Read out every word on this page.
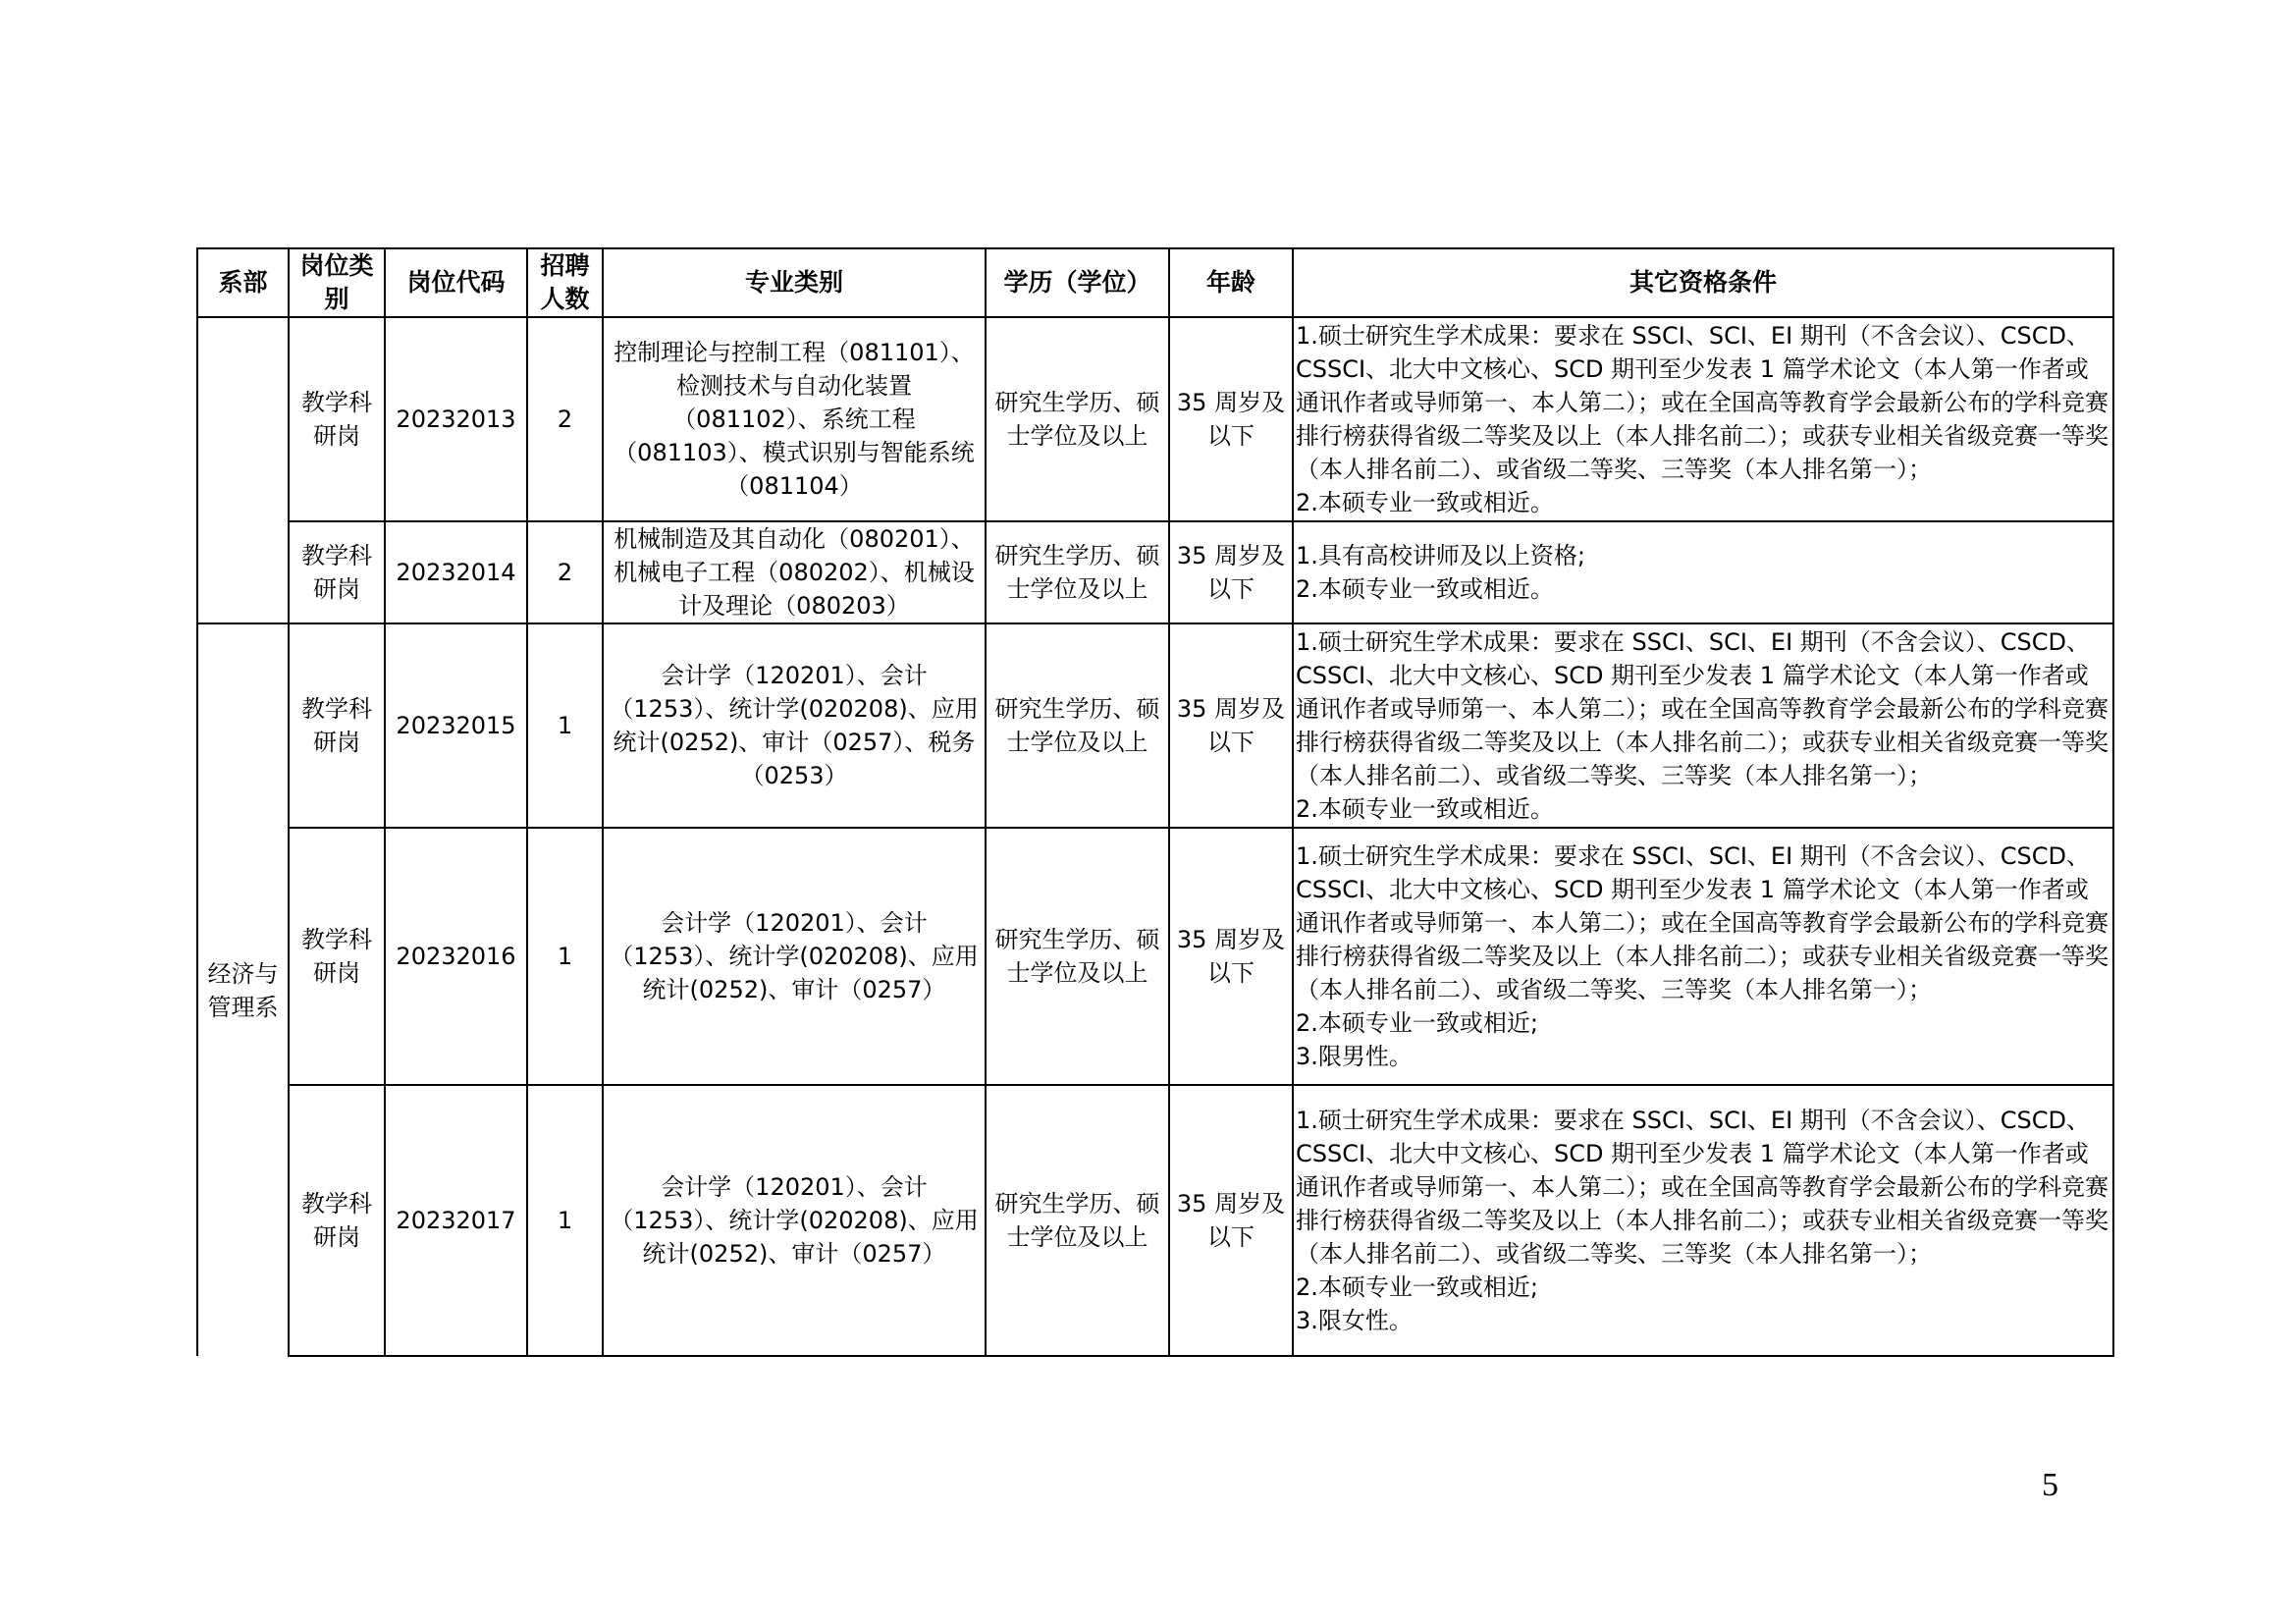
系部	岗位类别	岗位代码	招聘人数	专业类别	学历（学位）	年龄	其它资格条件
	教学科研岗	20232013	2	控制理论与控制工程（081101）、检测技术与自动化装置（081102）、系统工程（081103）、模式识别与智能系统（081104）	研究生学历、硕士学位及以上	35 周岁及以下	1.硕士研究生学术成果：要求在 SSCI、SCI、EI 期刊（不含会议）、CSCD、CSSCI、北大中文核心、SCD 期刊至少发表 1 篇学术论文（本人第一作者或通讯作者或导师第一、本人第二）；或在全国高等教育学会最新公布的学科竞赛排行榜获得省级二等奖及以上（本人排名前二）；或获专业相关省级竞赛一等奖（本人排名前二）、或省级二等奖、三等奖（本人排名第一）；
2.本硕专业一致或相近。
	教学科研岗	20232014	2	机械制造及其自动化（080201）、机械电子工程（080202）、机械设计及理论（080203）	研究生学历、硕士学位及以上	35 周岁及以下	1.具有高校讲师及以上资格;
2.本硕专业一致或相近。
经济与管理系	教学科研岗	20232015	1	会计学（120201）、会计（1253）、统计学(020208)、应用统计(0252)、审计（0257）、税务（0253）	研究生学历、硕士学位及以上	35 周岁及以下	1.硕士研究生学术成果：要求在 SSCI、SCI、EI 期刊（不含会议）、CSCD、CSSCI、北大中文核心、SCD 期刊至少发表 1 篇学术论文（本人第一作者或通讯作者或导师第一、本人第二）；或在全国高等教育学会最新公布的学科竞赛排行榜获得省级二等奖及以上（本人排名前二）；或获专业相关省级竞赛一等奖（本人排名前二）、或省级二等奖、三等奖（本人排名第一）；
2.本硕专业一致或相近。
	教学科研岗	20232016	1	会计学（120201）、会计（1253）、统计学(020208)、应用统计(0252)、审计（0257）	研究生学历、硕士学位及以上	35 周岁及以下	1.硕士研究生学术成果：要求在 SSCI、SCI、EI 期刊（不含会议）、CSCD、CSSCI、北大中文核心、SCD 期刊至少发表 1 篇学术论文（本人第一作者或通讯作者或导师第一、本人第二）；或在全国高等教育学会最新公布的学科竞赛排行榜获得省级二等奖及以上（本人排名前二）；或获专业相关省级竞赛一等奖（本人排名前二）、或省级二等奖、三等奖（本人排名第一）；
2.本硕专业一致或相近;
3.限男性。
	教学科研岗	20232017	1	会计学（120201）、会计（1253）、统计学(020208)、应用统计(0252)、审计（0257）	研究生学历、硕士学位及以上	35 周岁及以下	1.硕士研究生学术成果：要求在 SSCI、SCI、EI 期刊（不含会议）、CSCD、CSSCI、北大中文核心、SCD 期刊至少发表 1 篇学术论文（本人第一作者或通讯作者或导师第一、本人第二）；或在全国高等教育学会最新公布的学科竞赛排行榜获得省级二等奖及以上（本人排名前二）；或获专业相关省级竞赛一等奖（本人排名前二）、或省级二等奖、三等奖（本人排名第一）；
2.本硕专业一致或相近;
3.限女性。
5
